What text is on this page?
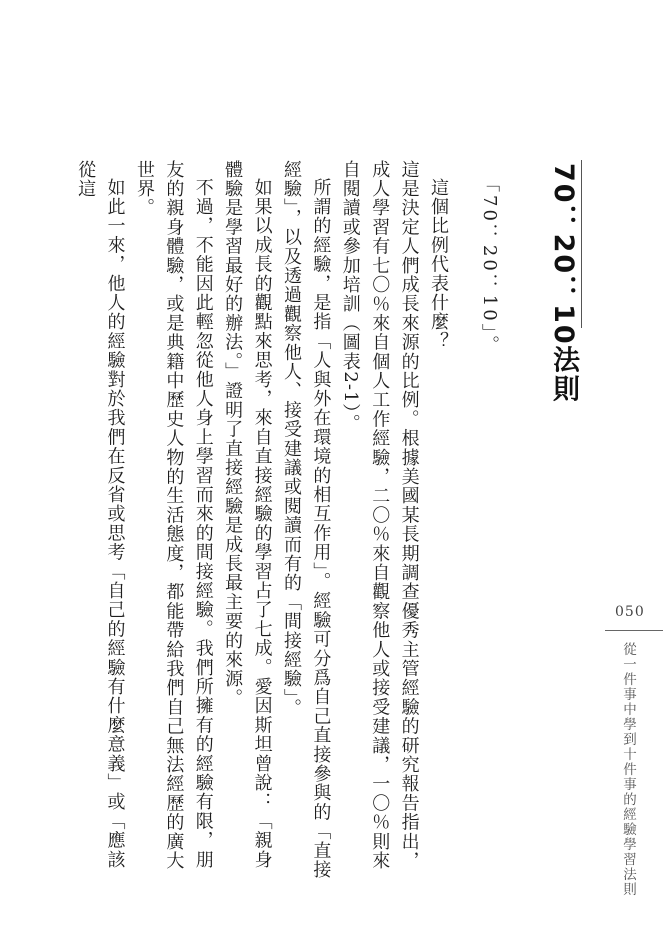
70：20：10法則
「70：20：10」。

這個比例代表什麼？

這是決定人們成長來源的比例。根據美國某長期調查優秀主管經驗的研究報告指出，成人學習有七〇％來自個人工作經驗，二〇％來自觀察他人或接受建議，一〇％則來自閱讀或參加培訓（圖表2-1）。

所謂的經驗，是指「人與外在環境的相互作用」。經驗可分爲自己直接參與的「直接經驗」，以及透過觀察他人、接受建議或閱讀而有的「間接經驗」。

如果以成長的觀點來思考，來自直接經驗的學習占了七成。愛因斯坦曾說：「親身體驗是學習最好的辦法。」證明了直接經驗是成長最主要的來源。

不過，不能因此輕忽從他人身上學習而來的間接經驗。我們所擁有的經驗有限，朋友的親身體驗，或是典籍中歷史人物的生活態度，都能帶給我們自己無法經歷的廣大世界。

如此一來，他人的經驗對於我們在反省或思考「自己的經驗有什麼意義」或「應該從這

050
從一件事中學到十件事的經驗學習法則
